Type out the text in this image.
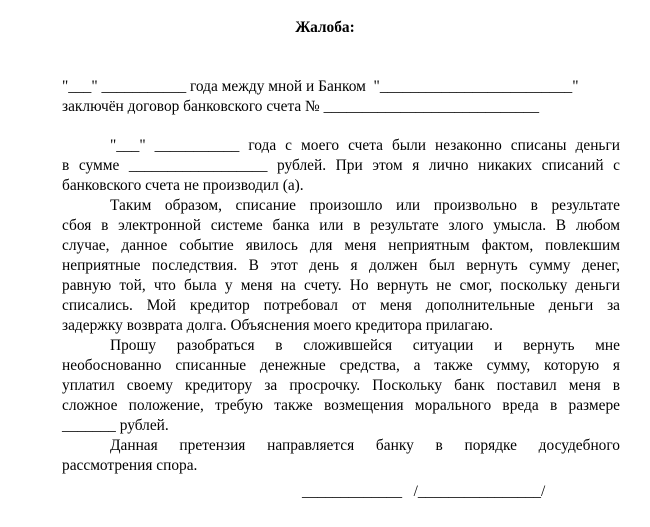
Жалоба:
"___" ___________ года между мной и Банком  "_________________________"
заключён договор банковского счета № ____________________________
"___" ___________ года с моего счета были незаконно списаны деньги
в сумме __________________ рублей. При этом я лично никаких списаний с
банковского счета не производил (а).
Таким образом, списание произошло или произвольно в результате
сбоя в электронной системе банка или в результате злого умысла. В любом
случае, данное событие явилось для меня неприятным фактом, повлекшим
неприятные последствия. В этот день я должен был вернуть сумму денег,
равную той, что была у меня на счету. Но вернуть не смог, поскольку деньги
списались. Мой кредитор потребовал от меня дополнительные деньги за
задержку возврата долга. Объяснения моего кредитора прилагаю.
Прошу разобраться в сложившейся ситуации и вернуть мне
необоснованно списанные денежные средства, а также сумму, которую я
уплатил своему кредитору за просрочку. Поскольку банк поставил меня в
сложное положение, требую также возмещения морального вреда в размере
_______ рублей.
Данная претензия направляется банку в порядке досудебного
рассмотрения спора.
_____________   /________________/
